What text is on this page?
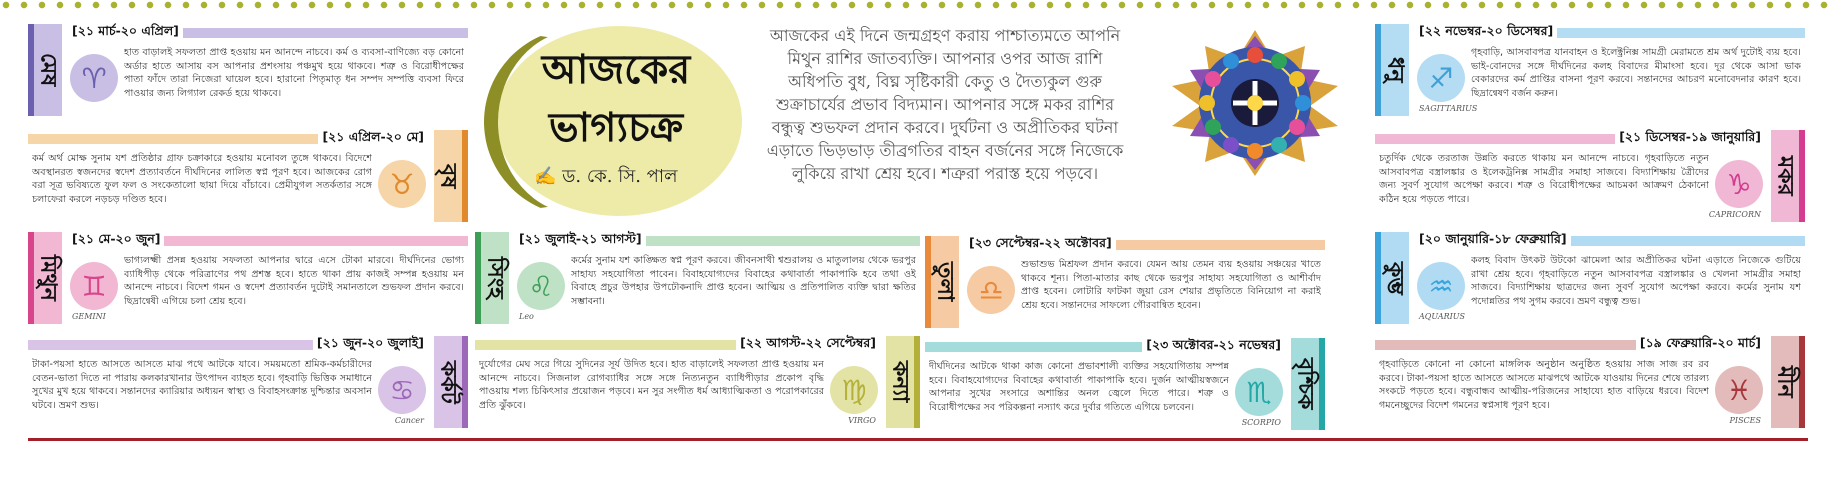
আজকের
ভাগ্যচক্র
✍ ড. কে. সি. পাল
আজকের এই দিনে জন্মগ্রহণ করায় পাশ্চাত্যমতে আপনি মিথুন রাশির জাতব্যক্তি। আপনার ওপর আজ রাশি অধিপতি বুধ, বিঘ্ন সৃষ্টিকারী কেতু ও দৈত্যকুল গুরু শুক্রাচার্যের প্রভাব বিদ্যমান। আপনার সঙ্গে মকর রাশির বন্ধুত্ব শুভফল প্রদান করবে। দুর্ঘটনা ও অপ্রীতিকর ঘটনা এড়াতে ভিড়ভাড় তীব্রগতির বাহন বর্জনের সঙ্গে নিজেকে লুকিয়ে রাখা শ্রেয় হবে। শত্রুরা পরাস্ত হয়ে পড়বে।
মেষ
[২১ মার্চ-২০ এপ্রিল]
♈
হাত বাড়ালই সফলতা প্রাপ্ত হওয়ায় মন আনন্দে নাচবে। কর্ম ও ব্যবসা-বাণিজ্যে বড় কোনো অর্ডার হাতে আসায় বস আপনার প্রশংসায় পঞ্চমুখ হয়ে থাকবে। শত্রু ও বিরোধীপক্ষের পাতা ফাঁদে তারা নিজেরা ঘায়েল হবে। হারানো পিতৃমাতৃ ধন সম্পদ সম্পত্তি ব্যবসা ফিরে পাওয়ার জন্য লিগ্যাল রেকর্ড হয়ে থাকবে।
বৃষ
[২১ এপ্রিল-২০ মে]
♉
কর্ম অর্থ মোক্ষ সুনাম যশ প্রতিষ্ঠার গ্রাফ চক্রাকারে হওয়ায় মনোবল তুঙ্গে থাকবে। বিদেশে অবস্থানরত স্বজনদের স্বদেশ প্রত্যাবর্তনে দীর্ঘদিনের লালিত স্বপ্ন পূরণ হবে। আজকের রোগ বরা সূত্র ভবিষ্যতে ফুল ফল ও সংকেতালো ছায়া দিয়ে বাঁচাবে। প্রেমীযুগল সতর্কতার সঙ্গে চলাফেরা করলে নড়চড় দণ্ডিত হবে।
মিথুন
[২১ মে-২০ জুন]
♊
GEMINI
ভাগ্যলক্ষ্মী প্রসন্ন হওয়ায় সফলতা আপনার দ্বারে এসে টোকা মারবে। দীর্ঘদিনের ভোগ্য ব্যাধিপীড় থেকে পরিত্রাণের পথ প্রশস্ত হবে। হাতে থাকা প্রায় কাজই সম্পন্ন হওয়ায় মন আনন্দে নাচবে। বিদেশ গমন ও স্বদেশ প্রত্যাবর্তন দুটোই সমানতালে শুভফল প্রদান করবে। ছিদ্রান্বেষী এগিয়ে চলা শ্রেয় হবে।
কর্কট
[২১ জুন-২০ জুলাই]
♋
Cancer
টাকা-পয়সা হাতে আসতে আসতে মাঝ পথে আটকে যাবে। সময়মতো শ্রমিক-কর্মচারীদের বেতন-ভাতা দিতে না পারায় কলকারখানার উৎপাদন ব্যাহত হবে। গৃহবাড়ি ভিত্তিক সমাধানে সুখের মুখ হয়ে থাকবে। সন্তানদের ক্যারিয়ার অধ্যয়ন স্বাস্থ্য ও বিবাহসংক্রান্ত দুশ্চিন্তার অবসান ঘটবে। ভ্রমণ শুভ।
সিংহ
[২১ জুলাই-২১ আগস্ট]
♌
Leo
কর্মের সুনাম যশ কাঙ্ক্ষিত স্বপ্ন পূরণ করবে। জীবনসাথী শ্বশুরালয় ও মাতুলালয় থেকে ভরপুর সাহায্য সহযোগিতা পাবেন। বিবাহযোগ্যদের বিবাহের কথাবার্তা পাকাপাকি হবে তথা ওই বিবাহে প্রচুর উপহার উপঢৌকনাদি প্রাপ্ত হবেন। আত্মিয় ও প্রতিপালিত ব্যক্তি দ্বারা ক্ষতির সম্ভাবনা।
কন্যা
[২২ আগস্ট-২২ সেপ্টেম্বর]
♍
VIRGO
দুর্যোগের মেঘ সরে গিয়ে সুদিনের সূর্য উদিত হবে। হাত বাড়ালেই সফলতা প্রাপ্ত হওয়ায় মন আনন্দে নাচবে। সিজনাল রোগব্যাধির সঙ্গে সঙ্গে নিত্যনতুন ব্যাধিপীড়ার প্রকোপ বৃদ্ধি পাওয়ায় শল্য চিকিৎসার প্রয়োজন পড়বে। মন সুর সংগীত ধর্ম আধ্যাত্মিকতা ও পরোপকারের প্রতি ঝুঁকবে।
তুলা
[২৩ সেপ্টেম্বর-২২ অক্টোবর]
♎
শুভাশুভ মিশ্রফল প্রদান করবে। যেমন আয় তেমন ব্যয় হওয়ায় সঞ্চয়ের খাতে থাকবে শূন্য। পিতা-মাতার কাছ থেকে ভরপুর সাহায্য সহযোগিতা ও আশীর্বাদ প্রাপ্ত হবেন। লোটারি ফাটকা জুয়া রেস শেয়ার প্রভৃতিতে বিনিয়োগ না করাই শ্রেয় হবে। সন্তানদের সাফল্যে গৌরবান্বিত হবেন।
বৃশ্চিক
[২৩ অক্টোবর-২১ নভেম্বর]
♏
SCORPIO
দীর্ঘদিনের আটকে থাকা কাজ কোনো প্রভাবশালী ব্যক্তির সহযোগিতায় সম্পন্ন হবে। বিবাহযোগ্যদের বিবাহের কথাবার্তা পাকাপাকি হবে। দুর্জন আত্মীয়স্বজনে আপনার সুখের সংসারে অশান্তির অনল জ্বেলে দিতে পারে। শত্রু ও বিরোধীপক্ষের সব পরিকল্পনা নস্যাৎ করে দুর্বার গতিতে এগিয়ে চলবেন।
ধনু
[২২ নভেম্বর-২০ ডিসেম্বর]
♐
SAGITTARIUS
গৃহবাড়ি, আসবাবপত্র যানবাহন ও ইলেক্ট্রনিক্স সামগ্রী মেরামতে শ্রম অর্থ দুটোই ব্যয় হবে। ভাই-বোনদের সঙ্গে দীর্ঘদিনের কলহ বিবাদের মীমাংসা হবে। দূর থেকে আসা ভাক বেকারদের কর্ম প্রাপ্তির বাসনা পূরণ করবে। সন্তানদের আচরণ মনোবেদনার কারণ হবে। ছিদ্রান্বেষণ বর্জন করুন।
মকর
[২১ ডিসেম্বর-১৯ জানুয়ারি]
♑
CAPRICORN
চতুর্দিক থেকে তরতাজ উন্নতি করতে থাকায় মন আনন্দে নাচবে। গৃহবাড়িতে নতুন আসবাবপত্র বস্ত্রালঙ্কার ও ইলেকট্রনিক্স সামগ্রীর সমাহা সাজবে। বিদ্যাশিক্ষায় ত্রৈীদের জন্য সুবর্ণ সুযোগ অপেক্ষা করবে। শত্রু ও বিরোধীপক্ষের আচমকা আক্রমণ ঠেকানো কঠিন হয়ে পড়তে পারে।
কুম্ভ
[২০ জানুয়ারি-১৮ ফেব্রুয়ারি]
♒
AQUARIUS
কলহ বিবাদ উৎকট উটকো ঝামেলা আর অপ্রীতিকর ঘটনা এড়াতে নিজেকে গুটিয়ে রাখা শ্রেয় হবে। গৃহবাড়িতে নতুন আসবাবপত্র বস্ত্রালঙ্কার ও খেলনা সামগ্রীর সমাহা সাজবে। বিদ্যাশিক্ষায় ছাত্রদের জন্য সুবর্ণ সুযোগ অপেক্ষা করবে। কর্মের সুনাম যশ পদোন্নতির পথ সুগম করবে। ভ্রমণ বন্ধুত্ব শুভ।
মীন
[১৯ ফেব্রুয়ারি-২০ মার্চ]
♓
PISCES
গৃহবাড়িতে কোনো না কোনো মাঙ্গলিক অনুষ্ঠান অনুষ্ঠিত হওয়ায় সাজ সাজ রব রব করবে। টাকা-পয়সা হাতে আসতে আসতে মাঝপথে আটকে যাওয়ায় দিনের শেষে তারল্য সংকটে পড়তে হবে। বন্ধুবান্ধব আত্মীয়-পরিজনের সাহায্যে হাত বাড়িয়ে ধরবে। বিদেশ গমনেচ্ছুদের বিদেশ গমনের স্বপ্নসাধ পূরণ হবে।
